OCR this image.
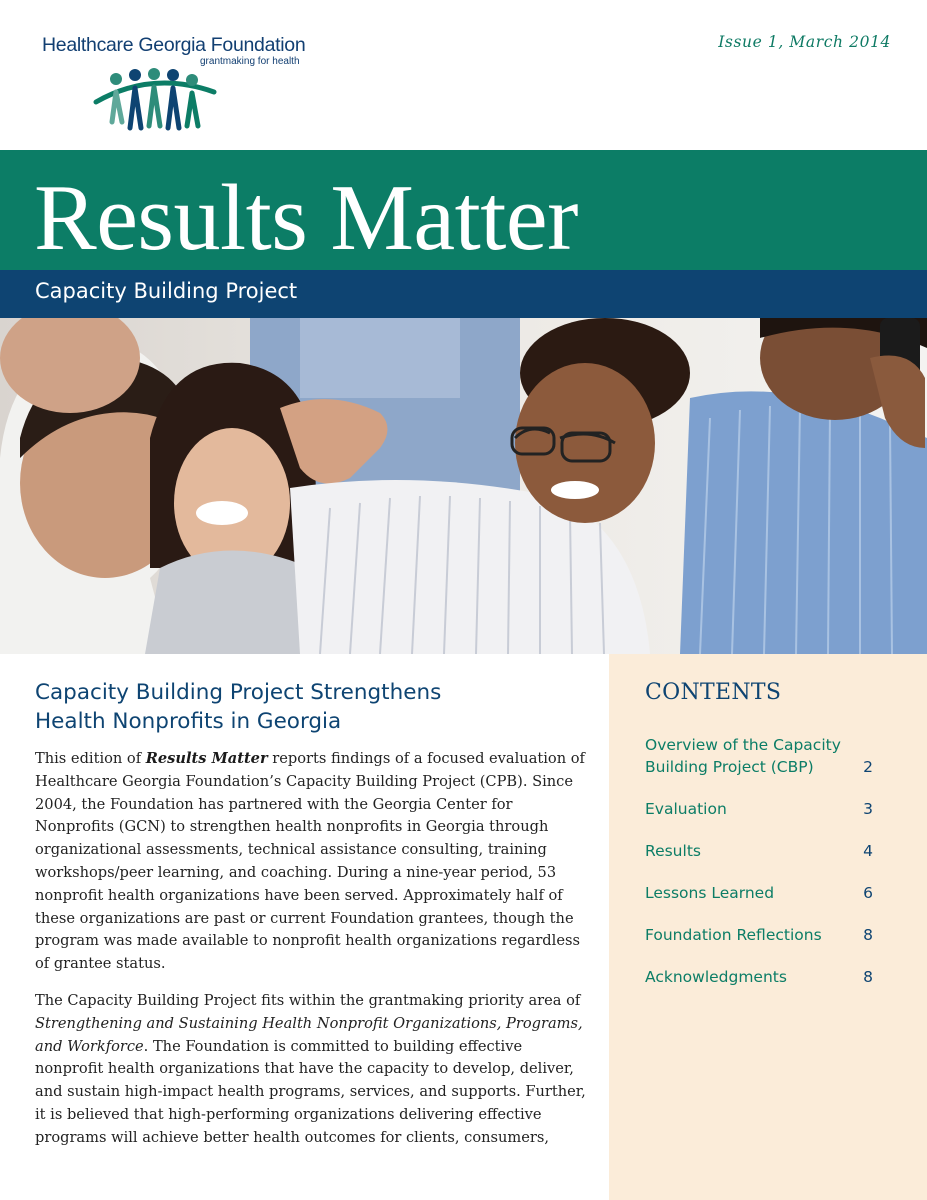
Healthcare Georgia Foundation
grantmaking for health
Issue 1, March 2014
Results Matter
Capacity Building Project
Capacity Building Project Strengthens
Health Nonprofits in Georgia

This edition of Results Matter reports findings of a focused evaluation of Healthcare Georgia Foundation’s Capacity Building Project (CPB). Since 2004, the Foundation has partnered with the Georgia Center for Nonprofits (GCN) to strengthen health nonprofits in Georgia through organizational assessments, technical assistance consulting, training workshops/peer learning, and coaching. During a nine-year period, 53 nonprofit health organizations have been served. Approximately half of these organizations are past or current Foundation grantees, though the program was made available to nonprofit health organizations regardless of grantee status.

The Capacity Building Project fits within the grantmaking priority area of Strengthening and Sustaining Health Nonprofit Organizations, Programs, and Workforce. The Foundation is committed to building effective nonprofit health organizations that have the capacity to develop, deliver, and sustain high-impact health programs, services, and supports. Further, it is believed that high-performing organizations delivering effective programs will achieve better health outcomes for clients, consumers,

CONTENTS
Overview of the Capacity Building Project (CBP)	2
Evaluation	3
Results	4
Lessons Learned	6
Foundation Reflections	8
Acknowledgments	8
